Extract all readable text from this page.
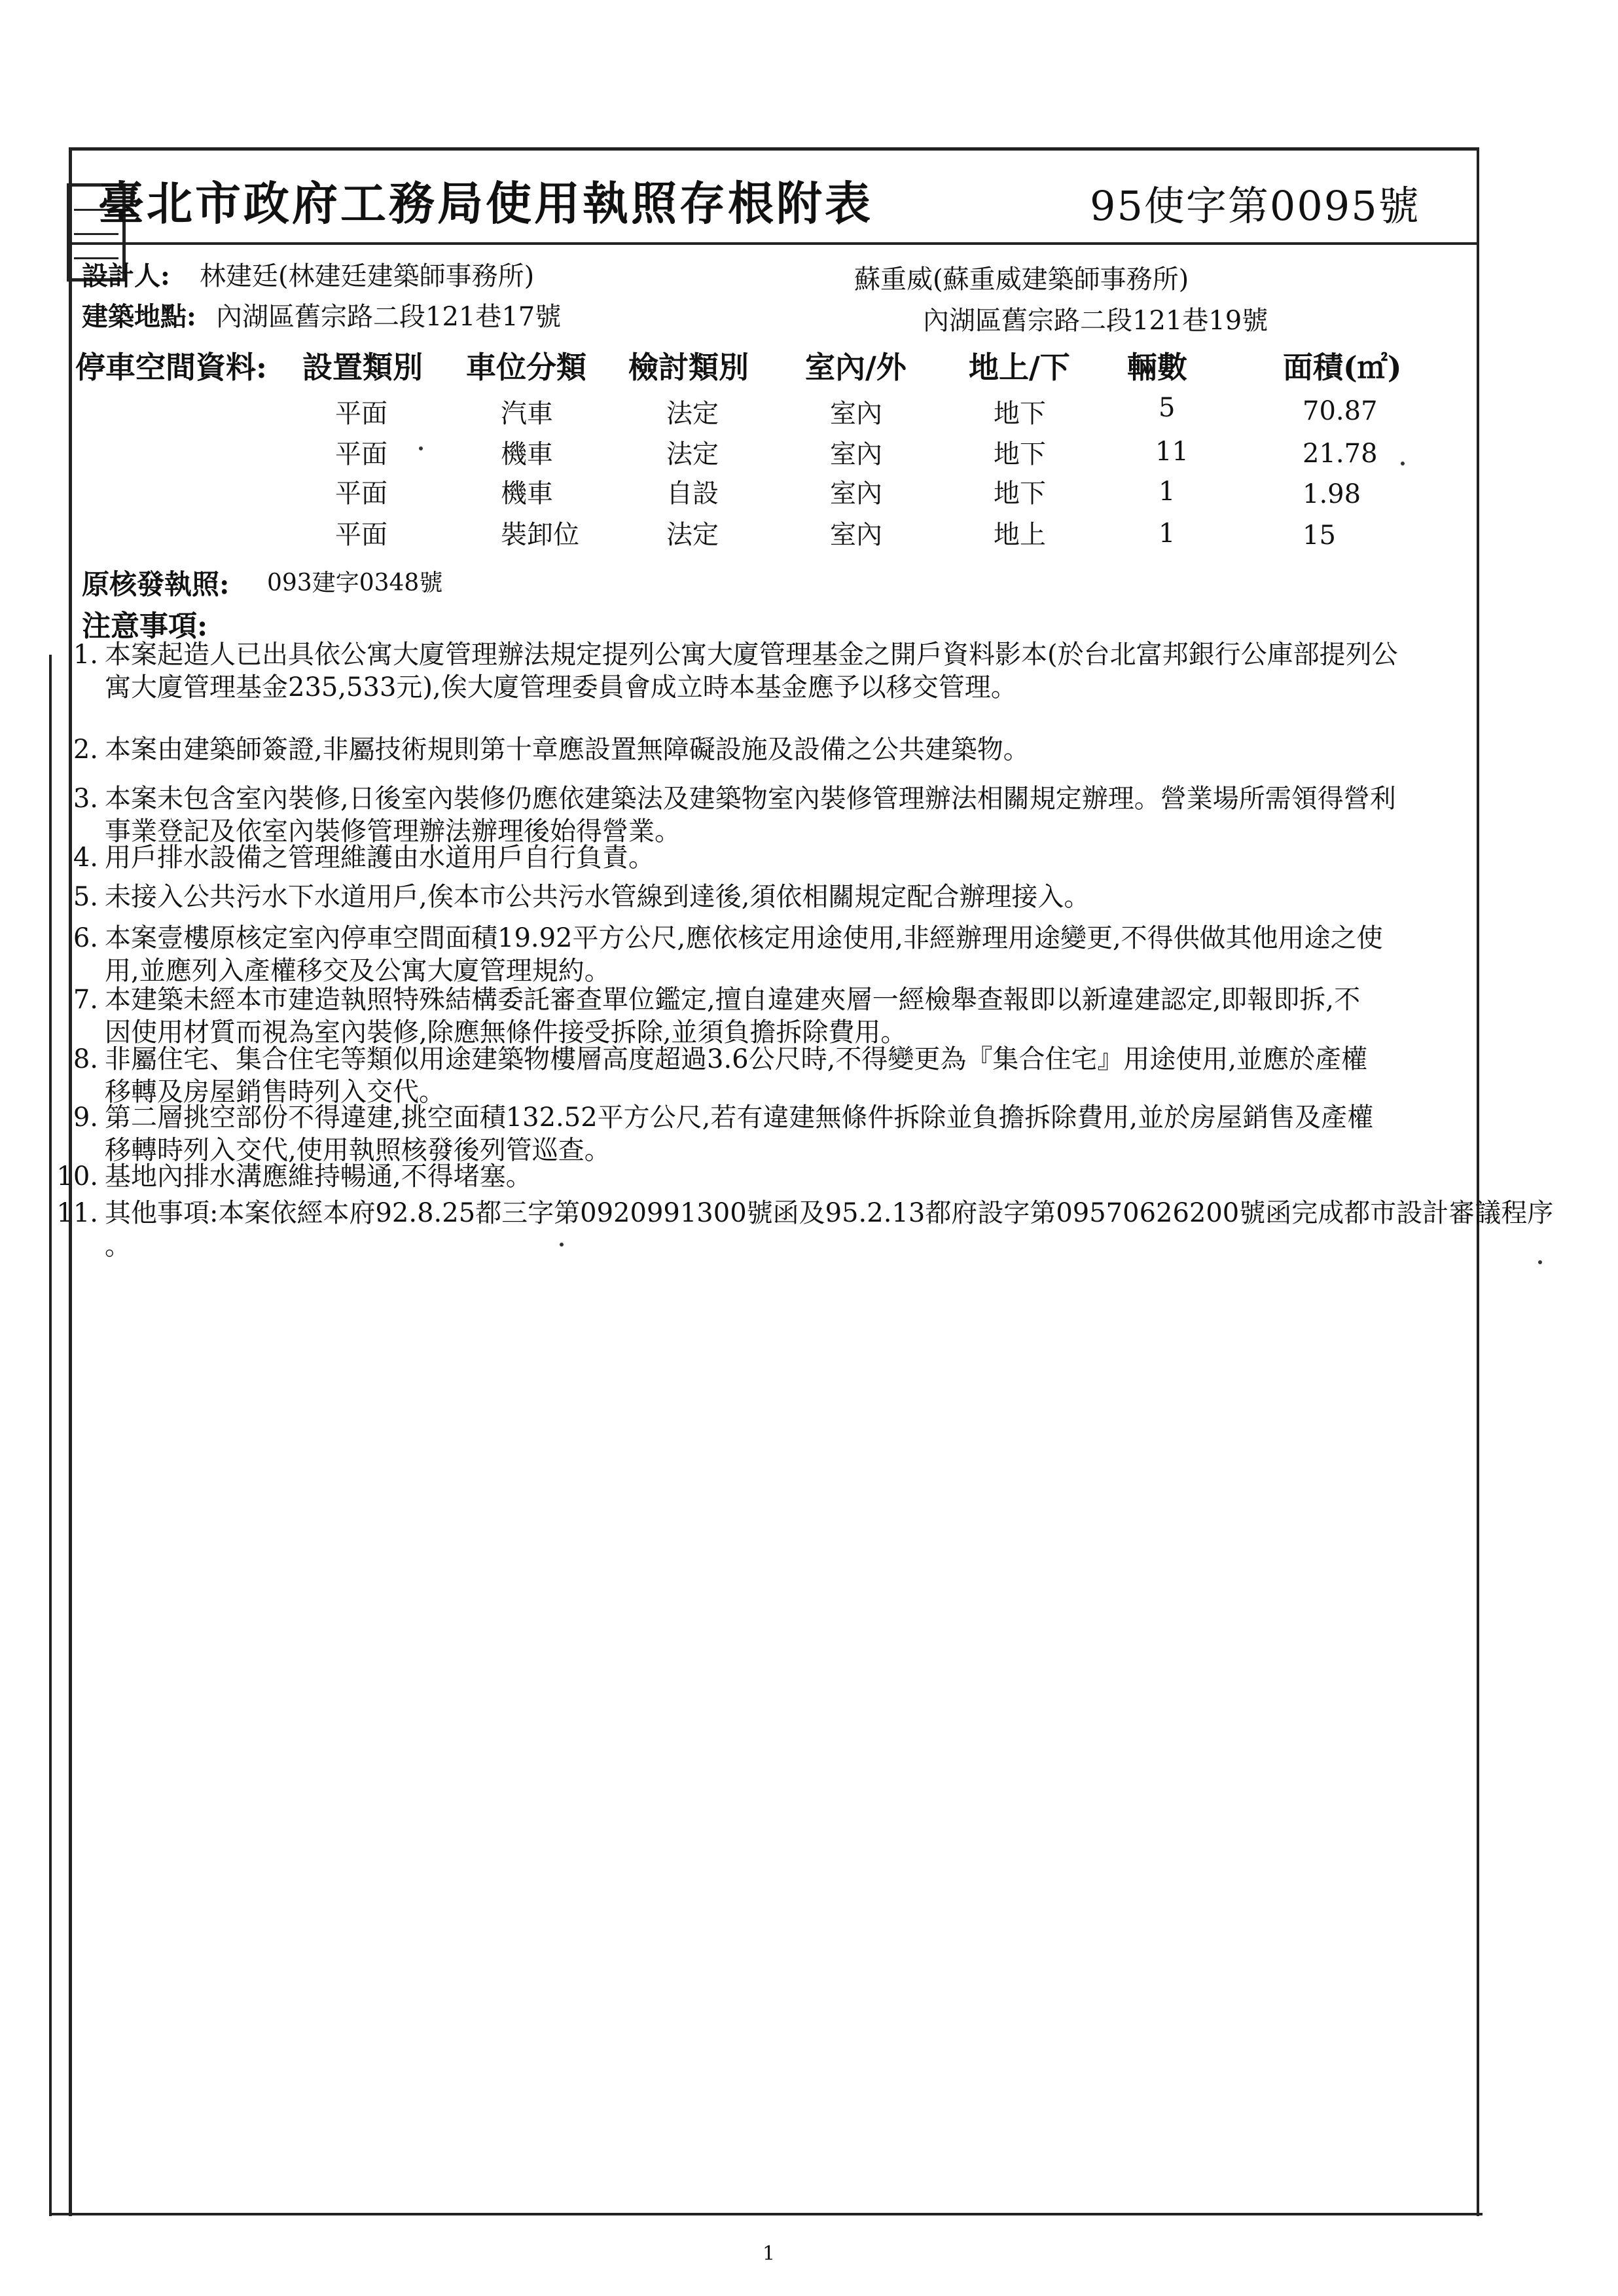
臺北市政府工務局使用執照存根附表	95使字第0095號
設計人: 林建廷(林建廷建築師事務所)	蘇重威(蘇重威建築師事務所)
建築地點: 內湖區舊宗路二段121巷17號	內湖區舊宗路二段121巷19號
停車空間資料: 設置類別 車位分類 檢討類別 室內/外 地上/下 輛數	面積(㎡)
平面	汽車	法定	室內	地下	5	70.87
平面	機車	法定	室內	地下	11	21.78
平面	機車	自設	室內	地下	1	1.98
平面	裝卸位	法定	室內	地上	1	15
原核發執照: 093建字0348號
注意事項:
1. 本案起造人已出具依公寓大廈管理辦法規定提列公寓大廈管理基金之開戶資料影本(於台北富邦銀行公庫部提列公
寓大廈管理基金235,533元),俟大廈管理委員會成立時本基金應予以移交管理。
2. 本案由建築師簽證,非屬技術規則第十章應設置無障礙設施及設備之公共建築物。
3. 本案未包含室內裝修,日後室內裝修仍應依建築法及建築物室內裝修管理辦法相關規定辦理。營業場所需領得營利
事業登記及依室內裝修管理辦法辦理後始得營業。
4. 用戶排水設備之管理維護由水道用戶自行負責。
5. 未接入公共污水下水道用戶,俟本市公共污水管線到達後,須依相關規定配合辦理接入。
6. 本案壹樓原核定室內停車空間面積19.92平方公尺,應依核定用途使用,非經辦理用途變更,不得供做其他用途之使
用,並應列入產權移交及公寓大廈管理規約。
7. 本建築未經本市建造執照特殊結構委託審查單位鑑定,擅自違建夾層一經檢舉查報即以新違建認定,即報即拆,不
因使用材質而視為室內裝修,除應無條件接受拆除,並須負擔拆除費用。
8. 非屬住宅、集合住宅等類似用途建築物樓層高度超過3.6公尺時,不得變更為『集合住宅』用途使用,並應於產權
移轉及房屋銷售時列入交代。
9. 第二層挑空部份不得違建,挑空面積132.52平方公尺,若有違建無條件拆除並負擔拆除費用,並於房屋銷售及產權
移轉時列入交代,使用執照核發後列管巡查。
10. 基地內排水溝應維持暢通,不得堵塞。
11. 其他事項:本案依經本府92.8.25都三字第0920991300號函及95.2.13都府設字第09570626200號函完成都市設計審議程序
。
1
